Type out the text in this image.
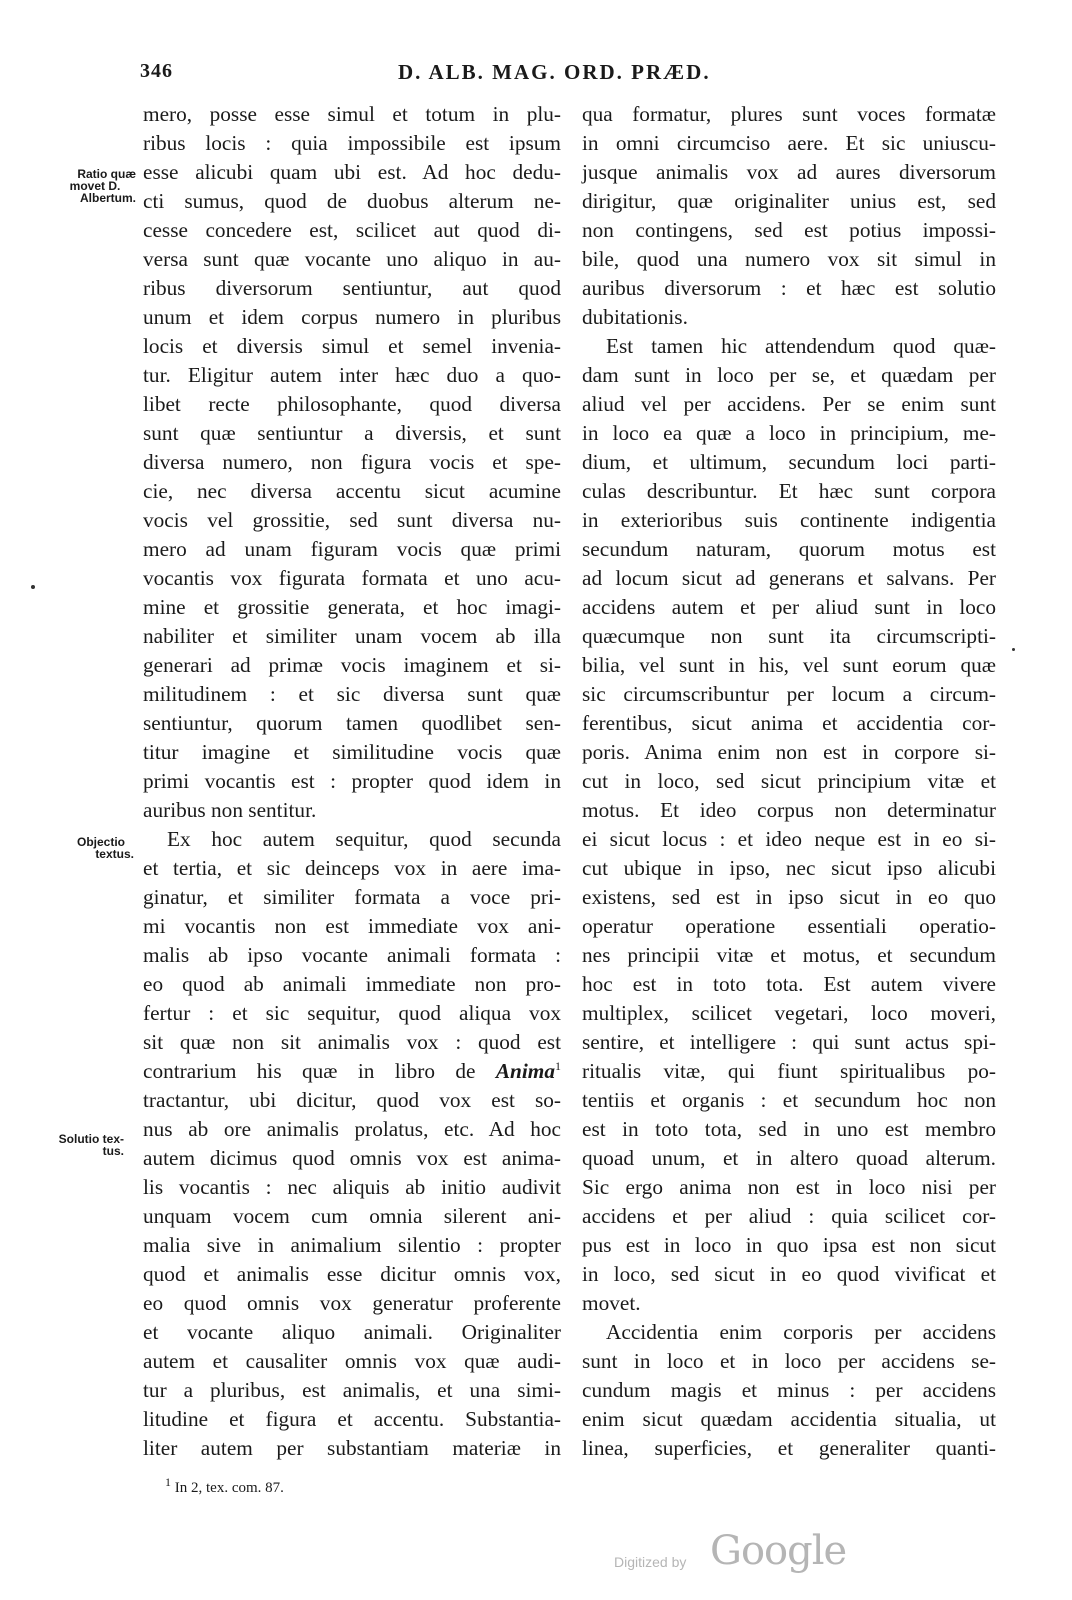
346	D. ALB. MAG. ORD. PRÆD.
Ratio quæ
movet D.
Albertum.
Objectio
textus.
Solutio tex-
tus.
mero, posse esse simul et totum in plu-
ribus locis : quia impossibile est ipsum
esse alicubi quam ubi est. Ad hoc dedu-
cti sumus, quod de duobus alterum ne-
cesse concedere est, scilicet aut quod di-
versa sunt quæ vocante uno aliquo in au-
ribus diversorum sentiuntur, aut quod
unum et idem corpus numero in pluribus
locis et diversis simul et semel invenia-
tur. Eligitur autem inter hæc duo a quo-
libet recte philosophante, quod diversa
sunt quæ sentiuntur a diversis, et sunt
diversa numero, non figura vocis et spe-
cie, nec diversa accentu sicut acumine
vocis vel grossitie, sed sunt diversa nu-
mero ad unam figuram vocis quæ primi
vocantis vox figurata formata et uno acu-
mine et grossitie generata, et hoc imagi-
nabiliter et similiter unam vocem ab illa
generari ad primæ vocis imaginem et si-
militudinem : et sic diversa sunt quæ
sentiuntur, quorum tamen quodlibet sen-
titur imagine et similitudine vocis quæ
primi vocantis est : propter quod idem in
auribus non sentitur.
Ex hoc autem sequitur, quod secunda
et tertia, et sic deinceps vox in aere ima-
ginatur, et similiter formata a voce pri-
mi vocantis non est immediate vox ani-
malis ab ipso vocante animali formata :
eo quod ab animali immediate non pro-
fertur : et sic sequitur, quod aliqua vox
sit quæ non sit animalis vox : quod est
contrarium his quæ in libro de Anima$^1$
tractantur, ubi dicitur, quod vox est so-
nus ab ore animalis prolatus, etc. Ad hoc
autem dicimus quod omnis vox est anima-
lis vocantis : nec aliquis ab initio audivit
unquam vocem cum omnia silerent ani-
malia sive in animalium silentio : propter
quod et animalis esse dicitur omnis vox,
eo quod omnis vox generatur proferente
et vocante aliquo animali. Originaliter
autem et causaliter omnis vox quæ audi-
tur a pluribus, est animalis, et una simi-
litudine et figura et accentu. Substantia-
liter autem per substantiam materiæ in
qua formatur, plures sunt voces formatæ
in omni circumciso aere. Et sic uniuscu-
jusque animalis vox ad aures diversorum
dirigitur, quæ originaliter unius est, sed
non contingens, sed est potius impossi-
bile, quod una numero vox sit simul in
auribus diversorum : et hæc est solutio
dubitationis.
Est tamen hic attendendum quod quæ-
dam sunt in loco per se, et quædam per
aliud vel per accidens. Per se enim sunt
in loco ea quæ a loco in principium, me-
dium, et ultimum, secundum loci parti-
culas describuntur. Et hæc sunt corpora
in exterioribus suis continente indigentia
secundum naturam, quorum motus est
ad locum sicut ad generans et salvans. Per
accidens autem et per aliud sunt in loco
quæcumque non sunt ita circumscripti-
bilia, vel sunt in his, vel sunt eorum quæ
sic circumscribuntur per locum a circum-
ferentibus, sicut anima et accidentia cor-
poris. Anima enim non est in corpore si-
cut in loco, sed sicut principium vitæ et
motus. Et ideo corpus non determinatur
ei sicut locus : et ideo neque est in eo si-
cut ubique in ipso, nec sicut ipso alicubi
existens, sed est in ipso sicut in eo quo
operatur operatione essentiali operatio-
nes principii vitæ et motus, et secundum
hoc est in toto tota. Est autem vivere
multiplex, scilicet vegetari, loco moveri,
sentire, et intelligere : qui sunt actus spi-
ritualis vitæ, qui fiunt spiritualibus po-
tentiis et organis : et secundum hoc non
est in toto tota, sed in uno est membro
quoad unum, et in altero quoad alterum.
Sic ergo anima non est in loco nisi per
accidens et per aliud : quia scilicet cor-
pus est in loco in quo ipsa est non sicut
in loco, sed sicut in eo quod vivificat et
movet.
Accidentia enim corporis per accidens
sunt in loco et in loco per accidens se-
cundum magis et minus : per accidens
enim sicut quædam accidentia situalia, ut
linea, superficies, et generaliter quanti-
$^1$ In 2, tex. com. 87.
Digitized by Google
